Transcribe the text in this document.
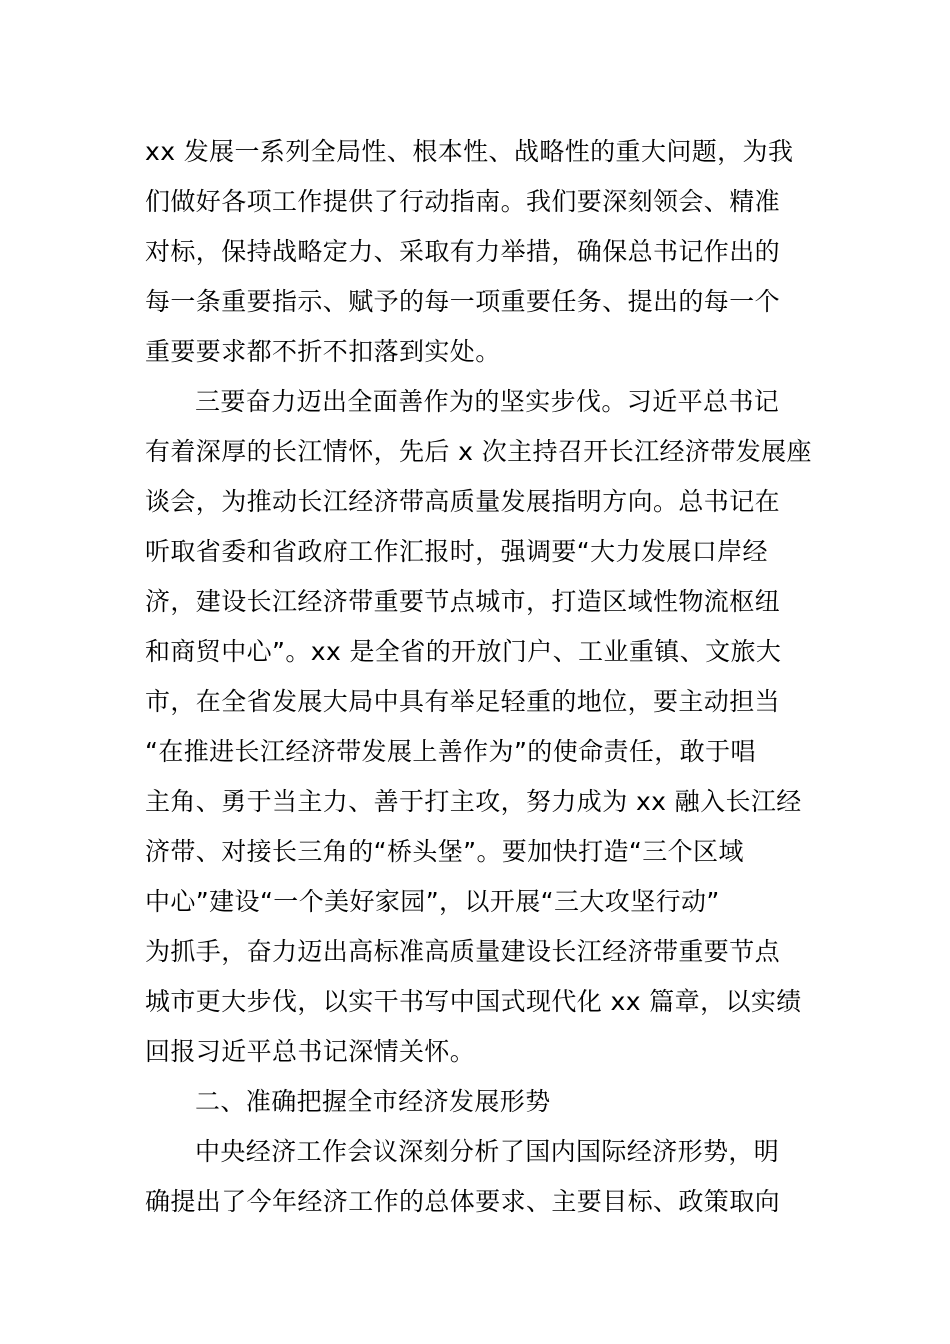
xx 发展一系列全局性、根本性、战略性的重大问题，为我
们做好各项工作提供了行动指南。我们要深刻领会、精准
对标，保持战略定力、采取有力举措，确保总书记作出的
每一条重要指示、赋予的每一项重要任务、提出的每一个
重要要求都不折不扣落到实处。
三要奋力迈出全面善作为的坚实步伐。习近平总书记
有着深厚的长江情怀，先后 x 次主持召开长江经济带发展座
谈会，为推动长江经济带高质量发展指明方向。总书记在
听取省委和省政府工作汇报时，强调要“大力发展口岸经
济，建设长江经济带重要节点城市，打造区域性物流枢纽
和商贸中心”。xx 是全省的开放门户、工业重镇、文旅大
市，在全省发展大局中具有举足轻重的地位，要主动担当
“在推进长江经济带发展上善作为”的使命责任，敢于唱
主角、勇于当主力、善于打主攻，努力成为 xx 融入长江经
济带、对接长三角的“桥头堡”。要加快打造“三个区域
中心”建设“一个美好家园”，以开展“三大攻坚行动”
为抓手，奋力迈出高标准高质量建设长江经济带重要节点
城市更大步伐，以实干书写中国式现代化 xx 篇章，以实绩
回报习近平总书记深情关怀。
二、准确把握全市经济发展形势
中央经济工作会议深刻分析了国内国际经济形势，明
确提出了今年经济工作的总体要求、主要目标、政策取向
